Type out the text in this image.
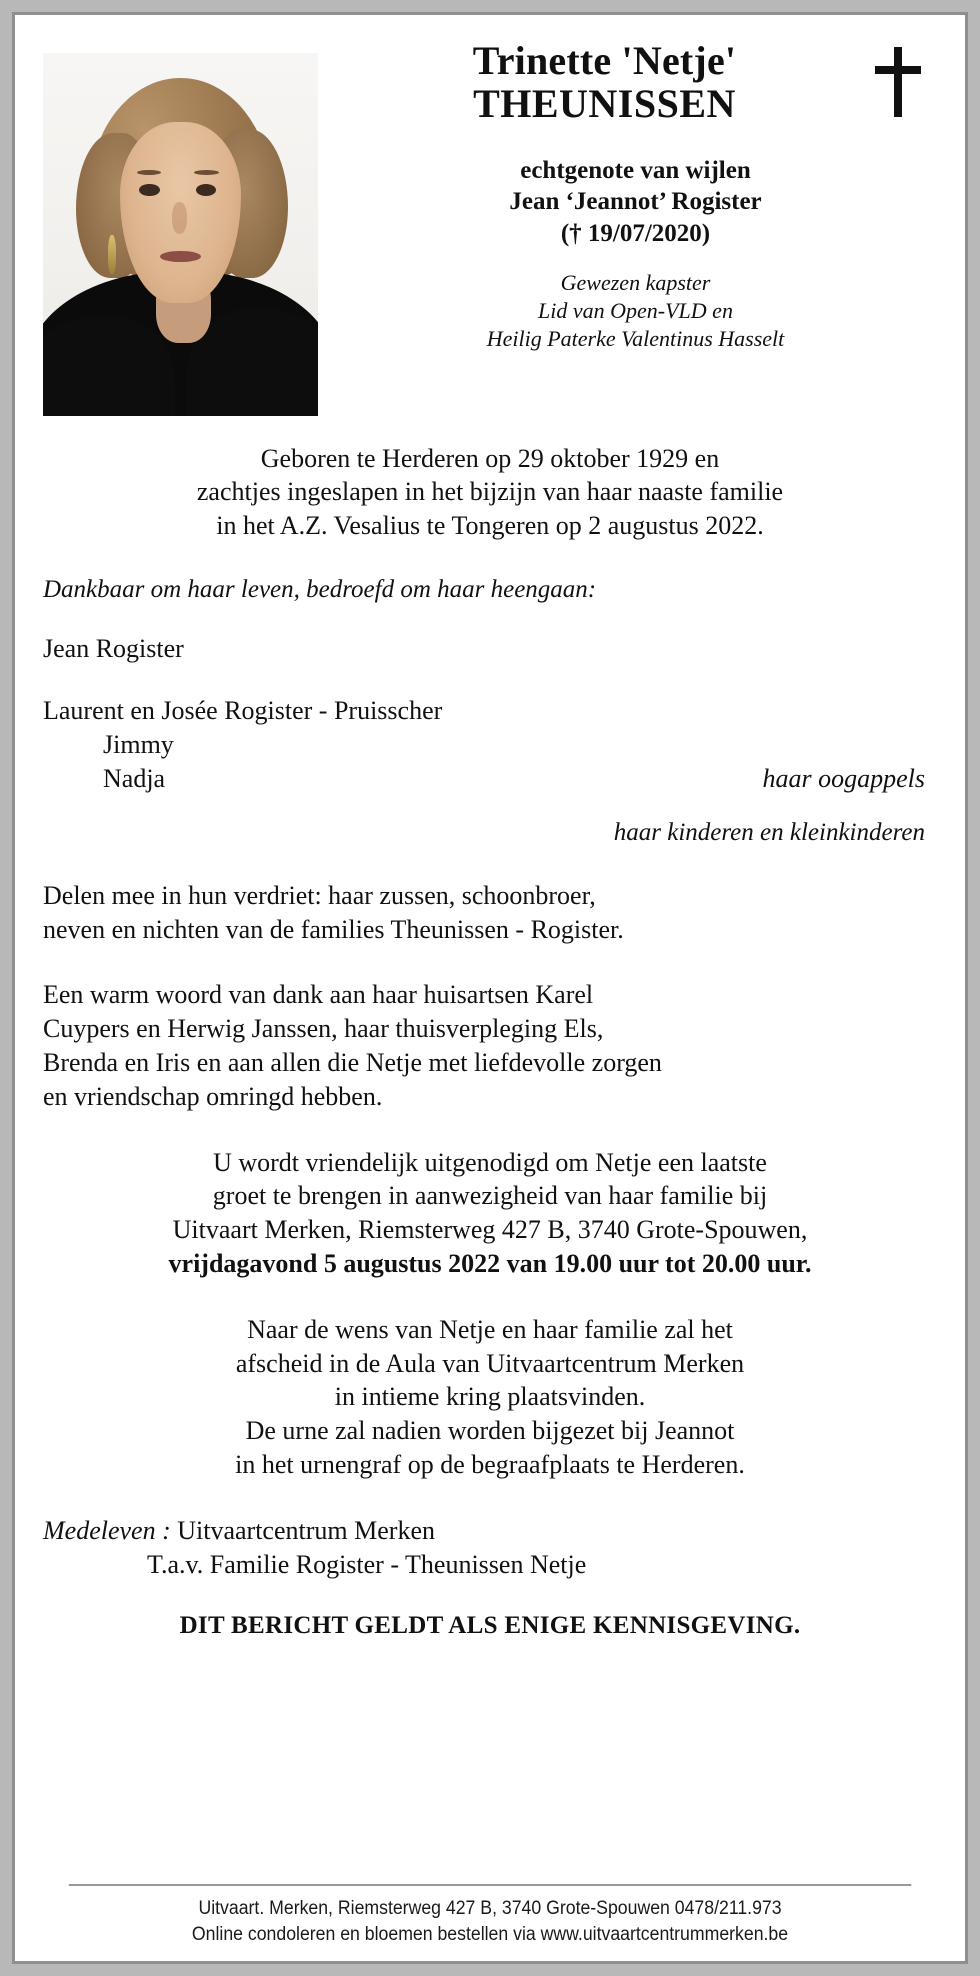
Trinette 'Netje'
THEUNISSEN
echtgenote van wijlen
Jean ‘Jeannot’ Rogister
(† 19/07/2020)
Gewezen kapster
Lid van Open-VLD en
Heilig Paterke Valentinus Hasselt
Geboren te Herderen op 29 oktober 1929 en
zachtjes ingeslapen in het bijzijn van haar naaste familie
in het A.Z. Vesalius te Tongeren op 2 augustus 2022.
Dankbaar om haar leven, bedroefd om haar heengaan:
Jean Rogister
Laurent en Josée Rogister - Pruisscher
Jimmy
Nadja	haar oogappels
haar kinderen en kleinkinderen
Delen mee in hun verdriet: haar zussen, schoonbroer,
neven en nichten van de families Theunissen - Rogister.
Een warm woord van dank aan haar huisartsen Karel
Cuypers en Herwig Janssen, haar thuisverpleging Els,
Brenda en Iris en aan allen die Netje met liefdevolle zorgen
en vriendschap omringd hebben.
U wordt vriendelijk uitgenodigd om Netje een laatste
groet te brengen in aanwezigheid van haar familie bij
Uitvaart Merken, Riemsterweg 427 B, 3740 Grote-Spouwen,
vrijdagavond 5 augustus 2022 van 19.00 uur tot 20.00 uur.
Naar de wens van Netje en haar familie zal het
afscheid in de Aula van Uitvaartcentrum Merken
in intieme kring plaatsvinden.
De urne zal nadien worden bijgezet bij Jeannot
in het urnengraf op de begraafplaats te Herderen.
Medeleven : Uitvaartcentrum Merken
T.a.v. Familie Rogister - Theunissen Netje
DIT BERICHT GELDT ALS ENIGE KENNISGEVING.
Uitvaart. Merken, Riemsterweg 427 B, 3740 Grote-Spouwen 0478/211.973
Online condoleren en bloemen bestellen via www.uitvaartcentrummerken.be
